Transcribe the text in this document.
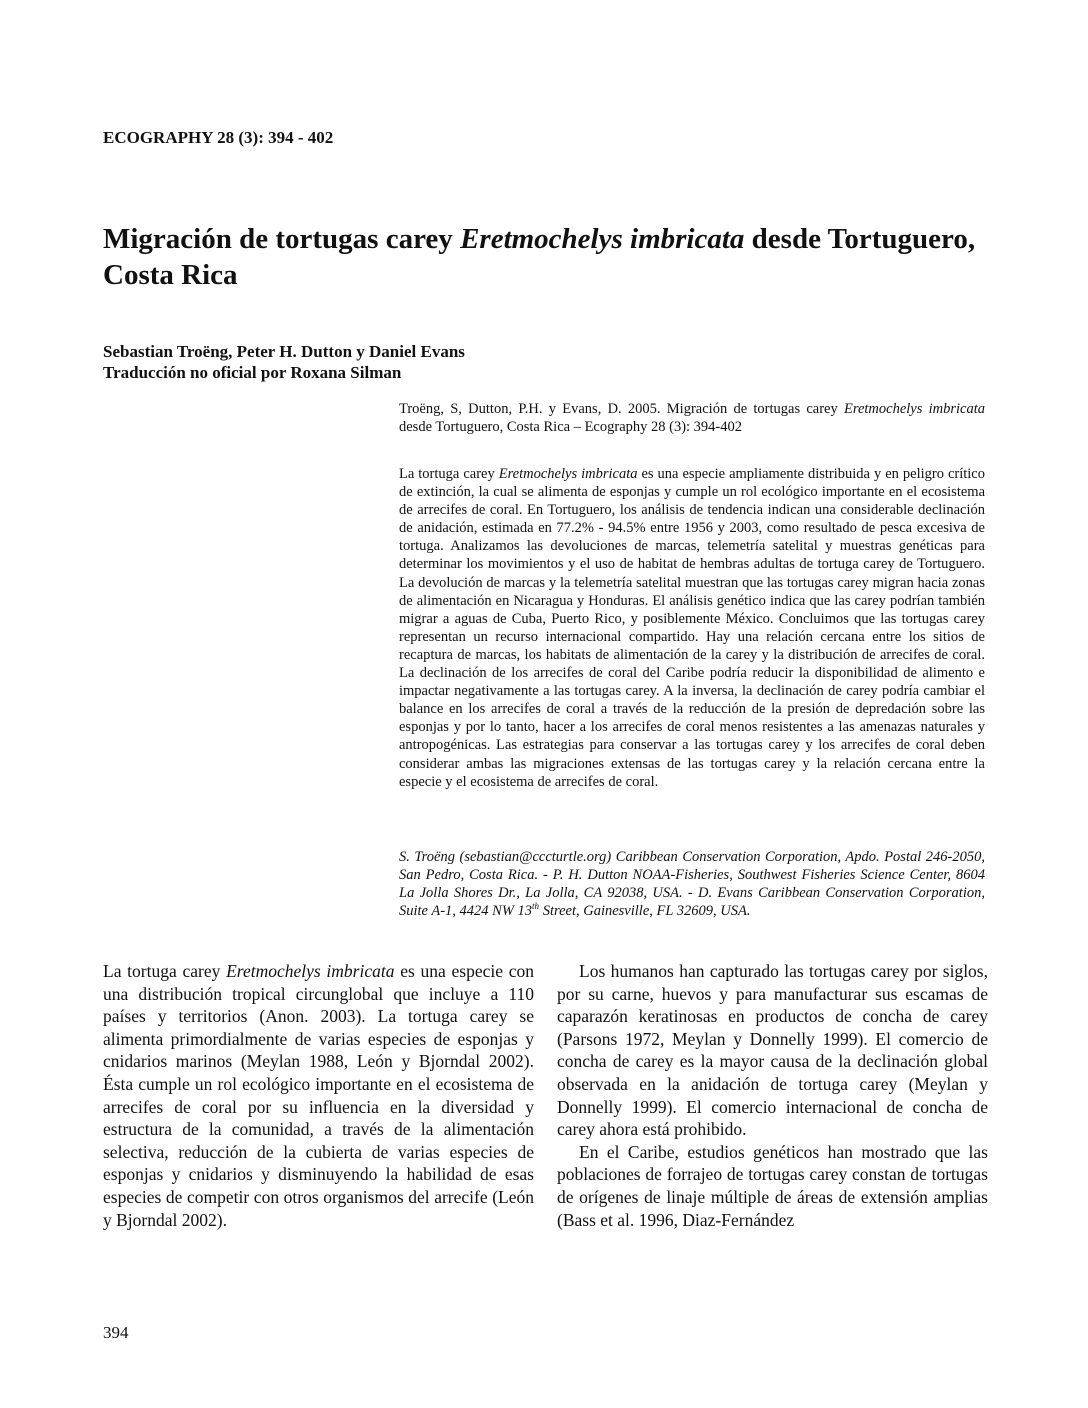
ECOGRAPHY 28 (3): 394 - 402
Migración de tortugas carey Eretmochelys imbricata desde Tortuguero, Costa Rica
Sebastian Troëng, Peter H. Dutton y Daniel Evans
Traducción no oficial por Roxana Silman
Troëng, S, Dutton, P.H. y Evans, D. 2005. Migración de tortugas carey Eretmochelys imbricata desde Tortuguero, Costa Rica – Ecography 28 (3): 394-402
La tortuga carey Eretmochelys imbricata es una especie ampliamente distribuida y en peligro crítico de extinción, la cual se alimenta de esponjas y cumple un rol ecológico importante en el ecosistema de arrecifes de coral. En Tortuguero, los análisis de tendencia indican una considerable declinación de anidación, estimada en 77.2% - 94.5% entre 1956 y 2003, como resultado de pesca excesiva de tortuga. Analizamos las devoluciones de marcas, telemetría satelital y muestras genéticas para determinar los movimientos y el uso de habitat de hembras adultas de tortuga carey de Tortuguero. La devolución de marcas y la telemetría satelital muestran que las tortugas carey migran hacia zonas de alimentación en Nicaragua y Honduras. El análisis genético indica que las carey podrían también migrar a aguas de Cuba, Puerto Rico, y posiblemente México. Concluimos que las tortugas carey representan un recurso internacional compartido. Hay una relación cercana entre los sitios de recaptura de marcas, los habitats de alimentación de la carey y la distribución de arrecifes de coral. La declinación de los arrecifes de coral del Caribe podría reducir la disponibilidad de alimento e impactar negativamente a las tortugas carey. A la inversa, la declinación de carey podría cambiar el balance en los arrecifes de coral a través de la reducción de la presión de depredación sobre las esponjas y por lo tanto, hacer a los arrecifes de coral menos resistentes a las amenazas naturales y antropogénicas. Las estrategias para conservar a las tortugas carey y los arrecifes de coral deben considerar ambas las migraciones extensas de las tortugas carey y la relación cercana entre la especie y el ecosistema de arrecifes de coral.
S. Troëng (sebastian@cccturtle.org) Caribbean Conservation Corporation, Apdo. Postal 246-2050, San Pedro, Costa Rica. - P. H. Dutton NOAA-Fisheries, Southwest Fisheries Science Center, 8604 La Jolla Shores Dr., La Jolla, CA 92038, USA. - D. Evans Caribbean Conservation Corporation, Suite A-1, 4424 NW 13th Street, Gainesville, FL 32609, USA.

La tortuga carey Eretmochelys imbricata es una especie con una distribución tropical circunglobal que incluye a 110 países y territorios (Anon. 2003). La tortuga carey se alimenta primordialmente de varias especies de esponjas y cnidarios marinos (Meylan 1988, León y Bjorndal 2002). Ésta cumple un rol ecológico importante en el ecosistema de arrecifes de coral por su influencia en la diversidad y estructura de la comunidad, a través de la alimentación selectiva, reducción de la cubierta de varias especies de esponjas y cnidarios y disminuyendo la habilidad de esas especies de competir con otros organismos del arrecife (León y Bjorndal 2002).

Los humanos han capturado las tortugas carey por siglos, por su carne, huevos y para manufacturar sus escamas de caparazón keratinosas en productos de concha de carey (Parsons 1972, Meylan y Donnelly 1999). El comercio de concha de carey es la mayor causa de la declinación global observada en la anidación de tortuga carey (Meylan y Donnelly 1999). El comercio internacional de concha de carey ahora está prohibido.

En el Caribe, estudios genéticos han mostrado que las poblaciones de forrajeo de tortugas carey constan de tortugas de orígenes de linaje múltiple de áreas de extensión amplias (Bass et al. 1996, Diaz-Fernández

394
